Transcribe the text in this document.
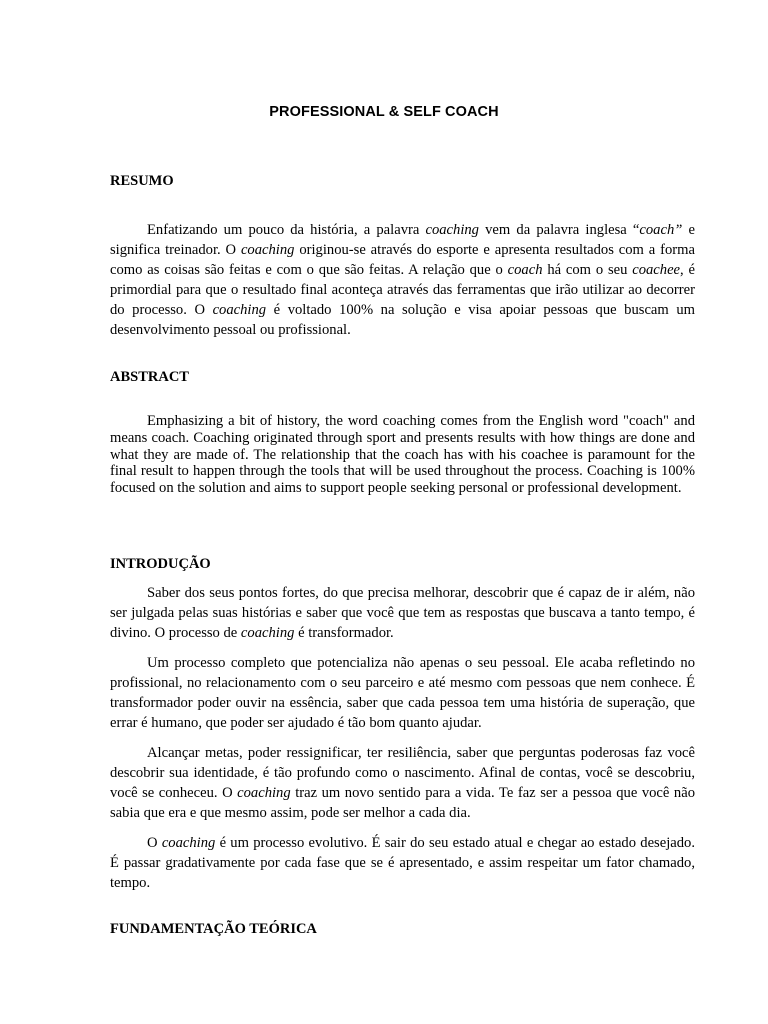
PROFESSIONAL & SELF COACH
RESUMO

Enfatizando um pouco da história, a palavra coaching vem da palavra inglesa “coach” e significa treinador. O coaching originou-se através do esporte e apresenta resultados com a forma como as coisas são feitas e com o que são feitas. A relação que o coach há com o seu coachee, é primordial para que o resultado final aconteça através das ferramentas que irão utilizar ao decorrer do processo. O coaching é voltado 100% na solução e visa apoiar pessoas que buscam um desenvolvimento pessoal ou profissional.

ABSTRACT

Emphasizing a bit of history, the word coaching comes from the English word "coach" and means coach. Coaching originated through sport and presents results with how things are done and what they are made of. The relationship that the coach has with his coachee is paramount for the final result to happen through the tools that will be used throughout the process. Coaching is 100% focused on the solution and aims to support people seeking personal or professional development.

INTRODUÇÃO

Saber dos seus pontos fortes, do que precisa melhorar, descobrir que é capaz de ir além, não ser julgada pelas suas histórias e saber que você que tem as respostas que buscava a tanto tempo, é divino. O processo de coaching é transformador.

Um processo completo que potencializa não apenas o seu pessoal. Ele acaba refletindo no profissional, no relacionamento com o seu parceiro e até mesmo com pessoas que nem conhece. É transformador poder ouvir na essência, saber que cada pessoa tem uma história de superação, que errar é humano, que poder ser ajudado é tão bom quanto ajudar.

Alcançar metas, poder ressignificar, ter resiliência, saber que perguntas poderosas faz você descobrir sua identidade, é tão profundo como o nascimento. Afinal de contas, você se descobriu, você se conheceu. O coaching traz um novo sentido para a vida. Te faz ser a pessoa que você não sabia que era e que mesmo assim, pode ser melhor a cada dia.

O coaching é um processo evolutivo. É sair do seu estado atual e chegar ao estado desejado. É passar gradativamente por cada fase que se é apresentado, e assim respeitar um fator chamado, tempo.

FUNDAMENTAÇÃO TEÓRICA
